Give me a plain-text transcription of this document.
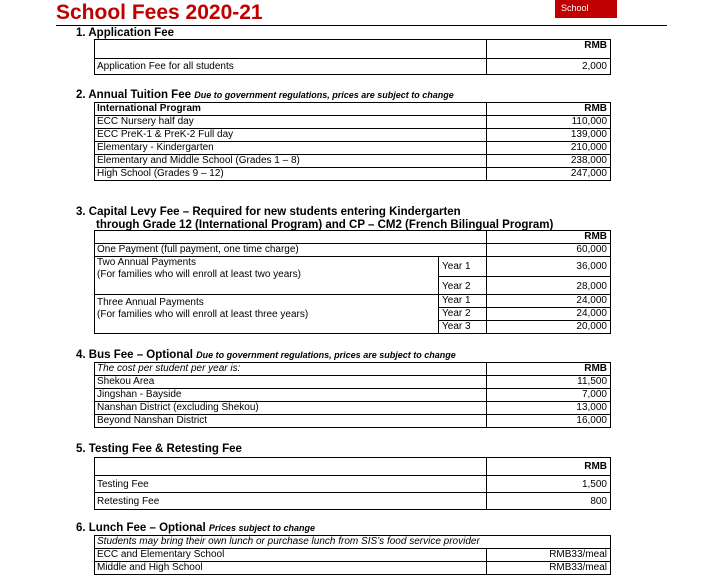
School Fees 2020-21	School
1. Application Fee
RMB
Application Fee for all students	2,000
2. Annual Tuition Fee Due to government regulations, prices are subject to change
International Program	RMB
ECC Nursery half day	110,000
ECC PreK-1 & PreK-2 Full day	139,000
Elementary - Kindergarten	210,000
Elementary and Middle School (Grades 1 – 8)	238,000
High School (Grades 9 – 12)	247,000
3. Capital Levy Fee – Required for new students entering Kindergarten
through Grade 12 (International Program) and CP – CM2 (French Bilingual Program)
RMB
One Payment (full payment, one time charge)	60,000
Two Annual Payments
(For families who will enroll at least two years)
Year 1	36,000
Year 2	28,000
Three Annual Payments
(For families who will enroll at least three years)
Year 1	24,000
Year 2	24,000
Year 3	20,000
4. Bus Fee – Optional Due to government regulations, prices are subject to change
The cost per student per year is:	RMB
Shekou Area	11,500
Jingshan - Bayside	7,000
Nanshan District (excluding Shekou)	13,000
Beyond Nanshan District	16,000
5. Testing Fee & Retesting Fee
RMB
Testing Fee	1,500
Retesting Fee	800
6. Lunch Fee – Optional Prices subject to change
Students may bring their own lunch or purchase lunch from SIS’s food service provider
ECC and Elementary School	RMB33/meal
Middle and High School	RMB33/meal
